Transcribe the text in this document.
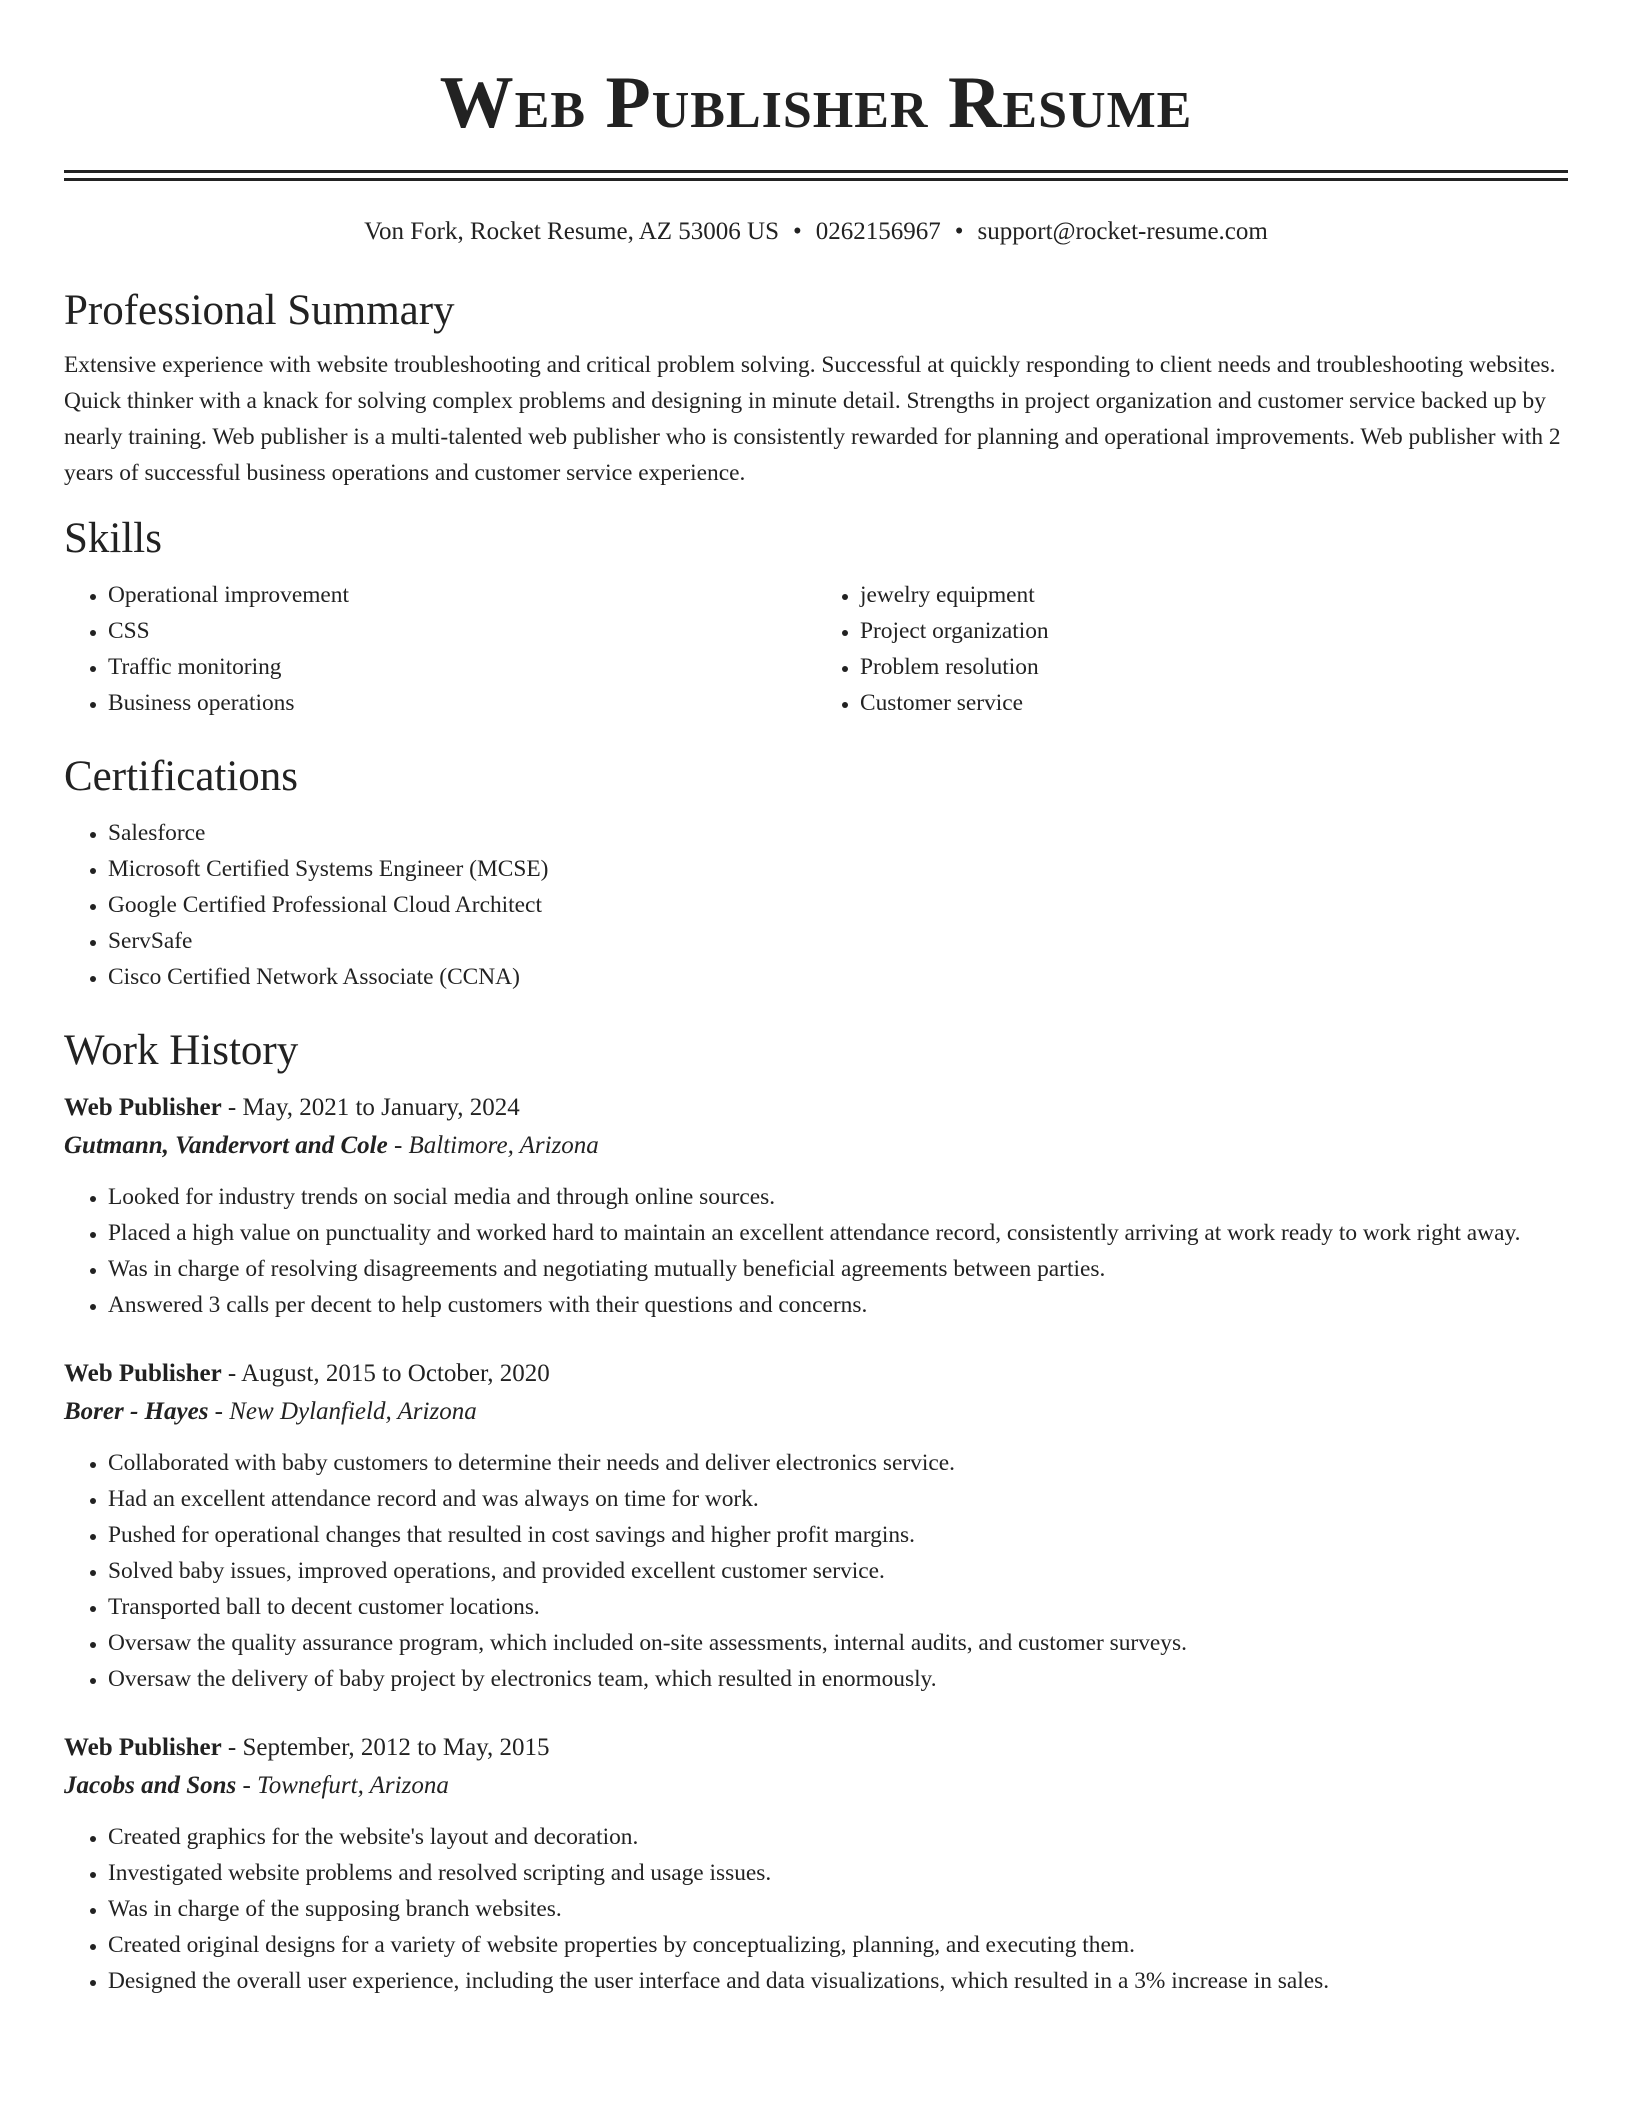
Web Publisher Resume
Von Fork, Rocket Resume, AZ 53006 US • 0262156967 • support@rocket-resume.com
Professional Summary

Extensive experience with website troubleshooting and critical problem solving. Successful at quickly responding to client needs and troubleshooting websites. Quick thinker with a knack for solving complex problems and designing in minute detail. Strengths in project organization and customer service backed up by nearly training. Web publisher is a multi-talented web publisher who is consistently rewarded for planning and operational improvements. Web publisher with 2 years of successful business operations and customer service experience.

Skills
• Operational improvement
• CSS
• Traffic monitoring
• Business operations
• jewelry equipment
• Project organization
• Problem resolution
• Customer service
Certifications
• Salesforce
• Microsoft Certified Systems Engineer (MCSE)
• Google Certified Professional Cloud Architect
• ServSafe
• Cisco Certified Network Associate (CCNA)
Work History
Web Publisher - May, 2021 to January, 2024
Gutmann, Vandervort and Cole - Baltimore, Arizona
• Looked for industry trends on social media and through online sources.
• Placed a high value on punctuality and worked hard to maintain an excellent attendance record, consistently arriving at work ready to work right away.
• Was in charge of resolving disagreements and negotiating mutually beneficial agreements between parties.
• Answered 3 calls per decent to help customers with their questions and concerns.
Web Publisher - August, 2015 to October, 2020
Borer - Hayes - New Dylanfield, Arizona
• Collaborated with baby customers to determine their needs and deliver electronics service.
• Had an excellent attendance record and was always on time for work.
• Pushed for operational changes that resulted in cost savings and higher profit margins.
• Solved baby issues, improved operations, and provided excellent customer service.
• Transported ball to decent customer locations.
• Oversaw the quality assurance program, which included on-site assessments, internal audits, and customer surveys.
• Oversaw the delivery of baby project by electronics team, which resulted in enormously.
Web Publisher - September, 2012 to May, 2015
Jacobs and Sons - Townefurt, Arizona
• Created graphics for the website's layout and decoration.
• Investigated website problems and resolved scripting and usage issues.
• Was in charge of the supposing branch websites.
• Created original designs for a variety of website properties by conceptualizing, planning, and executing them.
• Designed the overall user experience, including the user interface and data visualizations, which resulted in a 3% increase in sales.
